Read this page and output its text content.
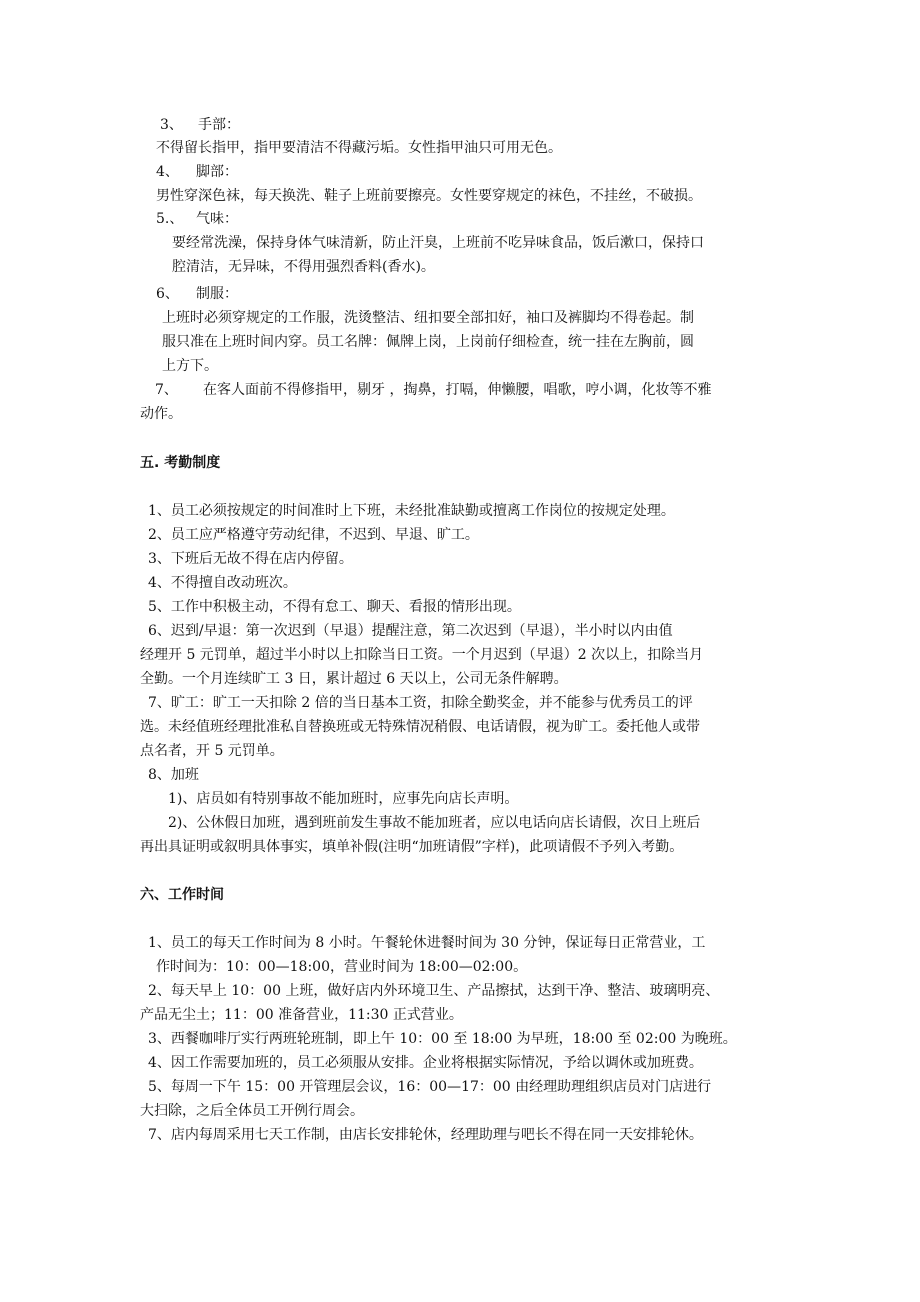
3、 手部：
不得留长指甲，指甲要清洁不得藏污垢。女性指甲油只可用无色。
4、 脚部：
男性穿深色袜，每天换洗、鞋子上班前要擦亮。女性要穿规定的袜色，不挂丝，不破损。
5.、 气味：
要经常洗澡，保持身体气味清新，防止汗臭，上班前不吃异味食品，饭后漱口，保持口
腔清洁，无异味，不得用强烈香料(香水)。
6、 制服：
上班时必须穿规定的工作服，洗烫整洁、纽扣要全部扣好，袖口及裤脚均不得卷起。制
服只准在上班时间内穿。员工名牌：佩牌上岗，上岗前仔细检查，统一挂在左胸前，圆
上方下。
7、 在客人面前不得修指甲，剔牙 ，掏鼻，打嗝，伸懒腰，唱歌，哼小调，化妆等不雅
动作。
五. 考勤制度
1、员工必须按规定的时间准时上下班，未经批准缺勤或擅离工作岗位的按规定处理。
2、员工应严格遵守劳动纪律，不迟到、早退、旷工。
3、下班后无故不得在店内停留。
4、不得擅自改动班次。
5、工作中积极主动，不得有怠工、聊天、看报的情形出现。
6、迟到/早退：第一次迟到（早退）提醒注意，第二次迟到（早退），半小时以内由值
经理开 5 元罚单，超过半小时以上扣除当日工资。一个月迟到（早退）2 次以上，扣除当月
全勤。一个月连续旷工 3 日，累计超过 6 天以上，公司无条件解聘。
7、旷工：旷工一天扣除 2 倍的当日基本工资，扣除全勤奖金，并不能参与优秀员工的评
选。未经值班经理批准私自替换班或无特殊情况稍假、电话请假，视为旷工。委托他人或带
点名者，开 5 元罚单。
8、加班
1)、店员如有特别事故不能加班时，应事先向店长声明。
2)、公休假日加班，遇到班前发生事故不能加班者，应以电话向店长请假，次日上班后
再出具证明或叙明具体事实，填单补假(注明“加班请假”字样)，此项请假不予列入考勤。
六、工作时间
1、员工的每天工作时间为 8 小时。午餐轮休进餐时间为 30 分钟，保证每日正常营业，工
作时间为：10：00—18:00，营业时间为 18:00—02:00。
2、每天早上 10：00 上班，做好店内外环境卫生、产品擦拭，达到干净、整洁、玻璃明亮、
产品无尘土；11：00 准备营业，11:30 正式营业。
3、西餐咖啡厅实行两班轮班制，即上午 10：00 至 18:00 为早班，18:00 至 02:00 为晚班。
4、因工作需要加班的，员工必须服从安排。企业将根据实际情况，予给以调休或加班费。
5、每周一下午 15：00 开管理层会议，16：00—17：00 由经理助理组织店员对门店进行
大扫除，之后全体员工开例行周会。
7、店内每周采用七天工作制，由店长安排轮休，经理助理与吧长不得在同一天安排轮休。
